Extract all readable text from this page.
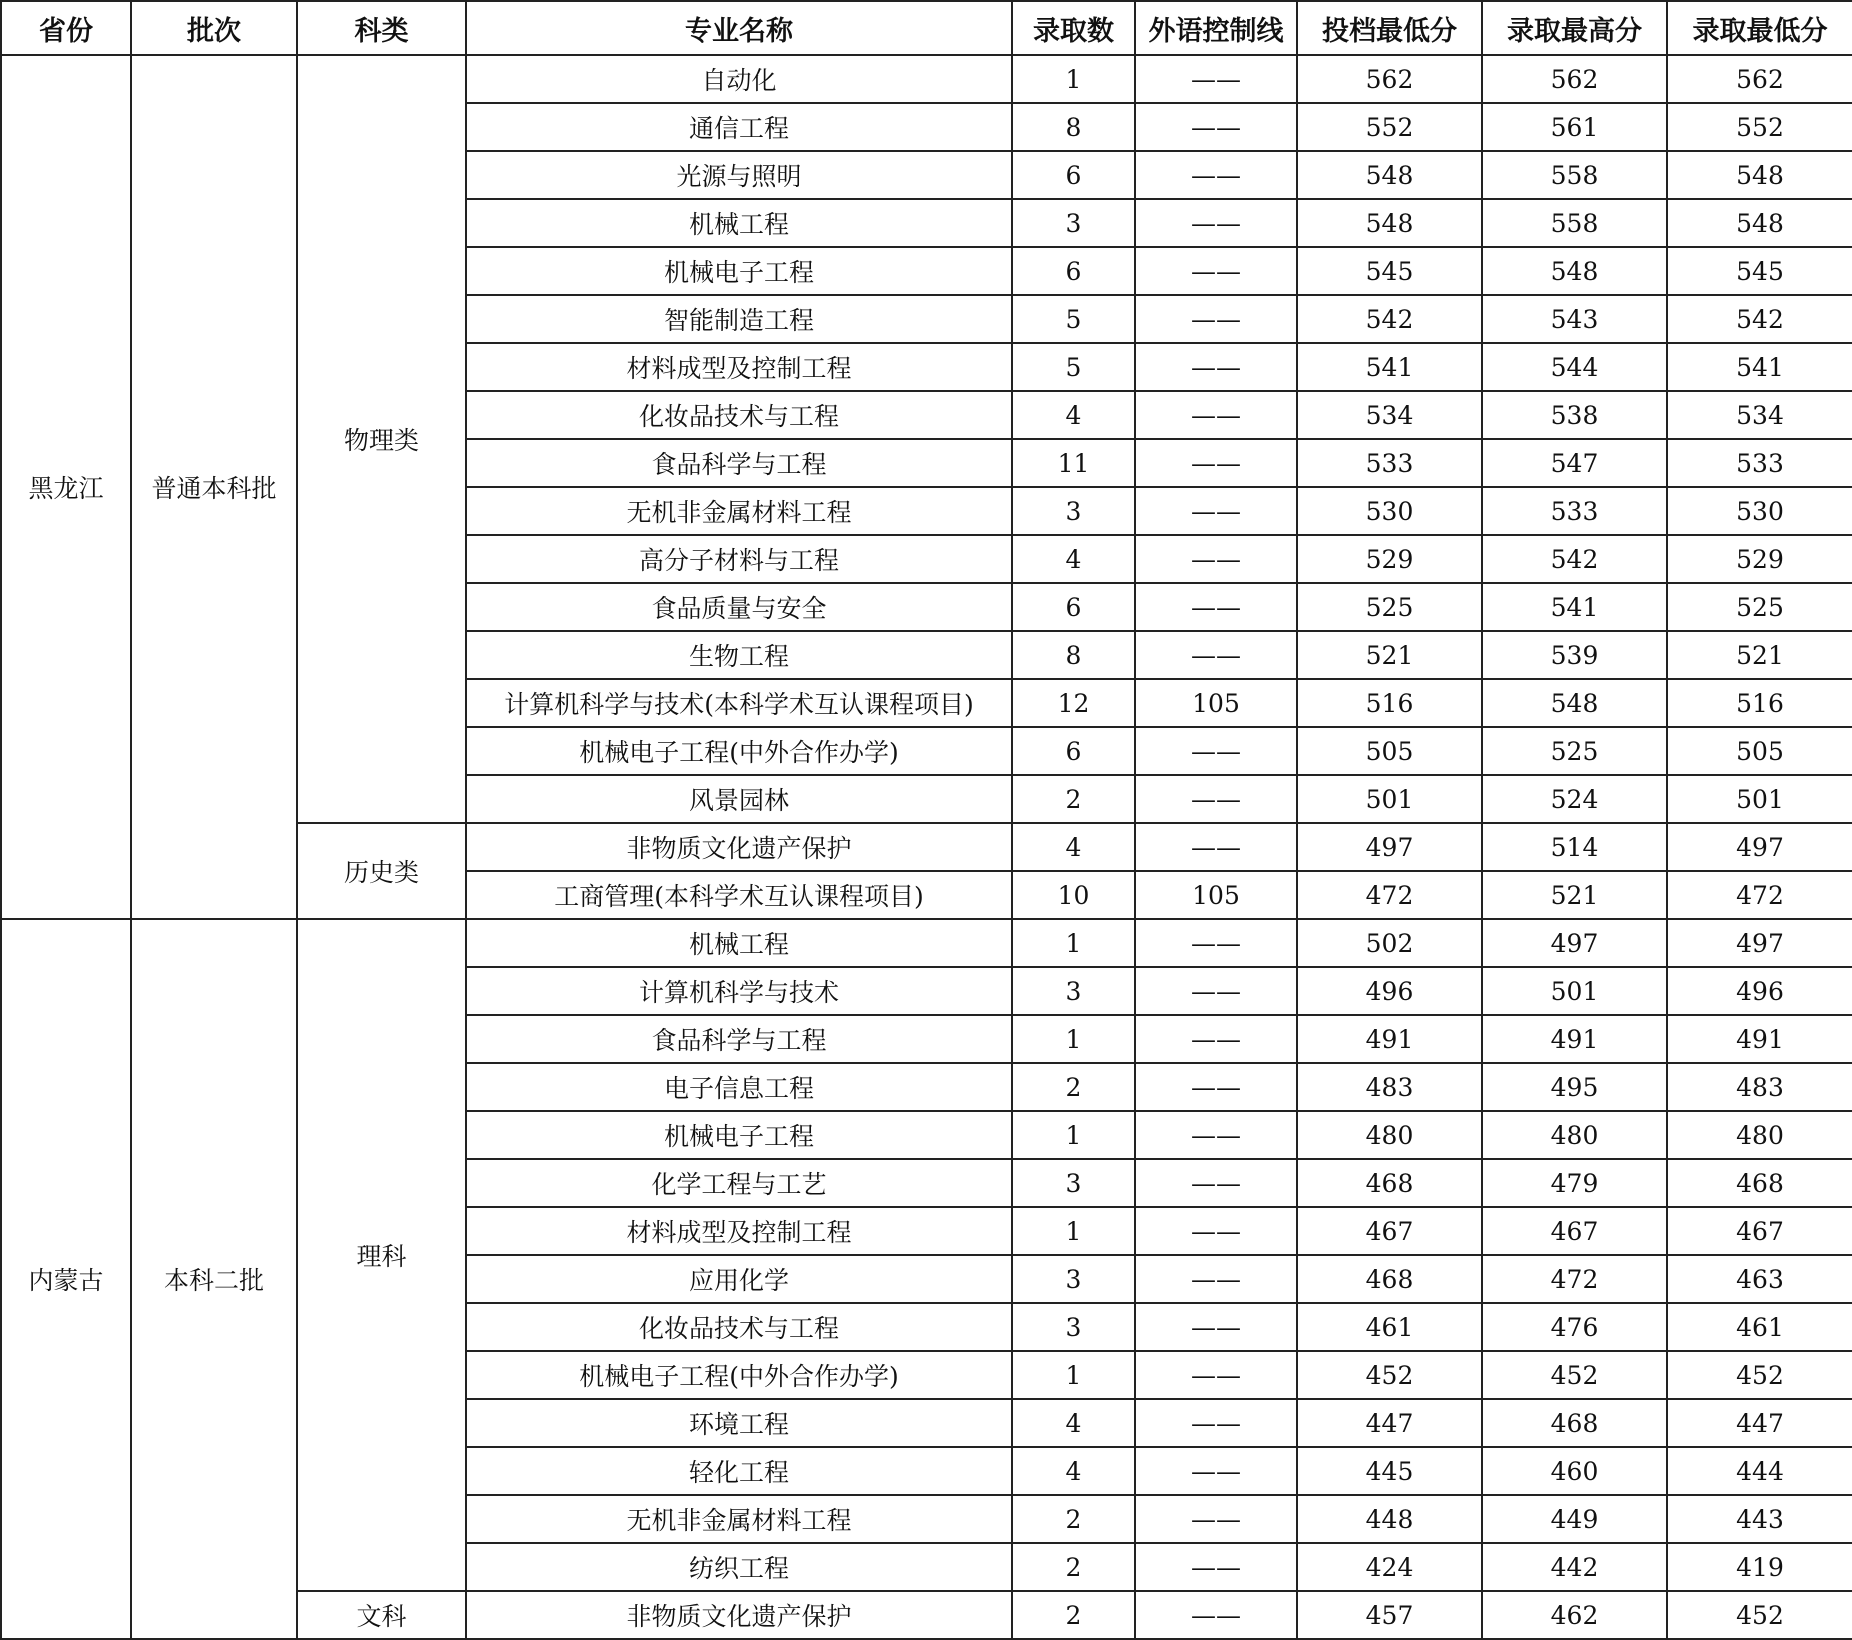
省份	批次	科类	专业名称	录取数	外语控制线	投档最低分	录取最高分	录取最低分
黑龙江	普通本科批	物理类	自动化	1	——	562	562	562
			通信工程	8	——	552	561	552
			光源与照明	6	——	548	558	548
			机械工程	3	——	548	558	548
			机械电子工程	6	——	545	548	545
			智能制造工程	5	——	542	543	542
			材料成型及控制工程	5	——	541	544	541
			化妆品技术与工程	4	——	534	538	534
			食品科学与工程	11	——	533	547	533
			无机非金属材料工程	3	——	530	533	530
			高分子材料与工程	4	——	529	542	529
			食品质量与安全	6	——	525	541	525
			生物工程	8	——	521	539	521
			计算机科学与技术(本科学术互认课程项目)	12	105	516	548	516
			机械电子工程(中外合作办学)	6	——	505	525	505
			风景园林	2	——	501	524	501
		历史类	非物质文化遗产保护	4	——	497	514	497
			工商管理(本科学术互认课程项目)	10	105	472	521	472
内蒙古	本科二批	理科	机械工程	1	——	502	497	497
			计算机科学与技术	3	——	496	501	496
			食品科学与工程	1	——	491	491	491
			电子信息工程	2	——	483	495	483
			机械电子工程	1	——	480	480	480
			化学工程与工艺	3	——	468	479	468
			材料成型及控制工程	1	——	467	467	467
			应用化学	3	——	468	472	463
			化妆品技术与工程	3	——	461	476	461
			机械电子工程(中外合作办学)	1	——	452	452	452
			环境工程	4	——	447	468	447
			轻化工程	4	——	445	460	444
			无机非金属材料工程	2	——	448	449	443
			纺织工程	2	——	424	442	419
		文科	非物质文化遗产保护	2	——	457	462	452
